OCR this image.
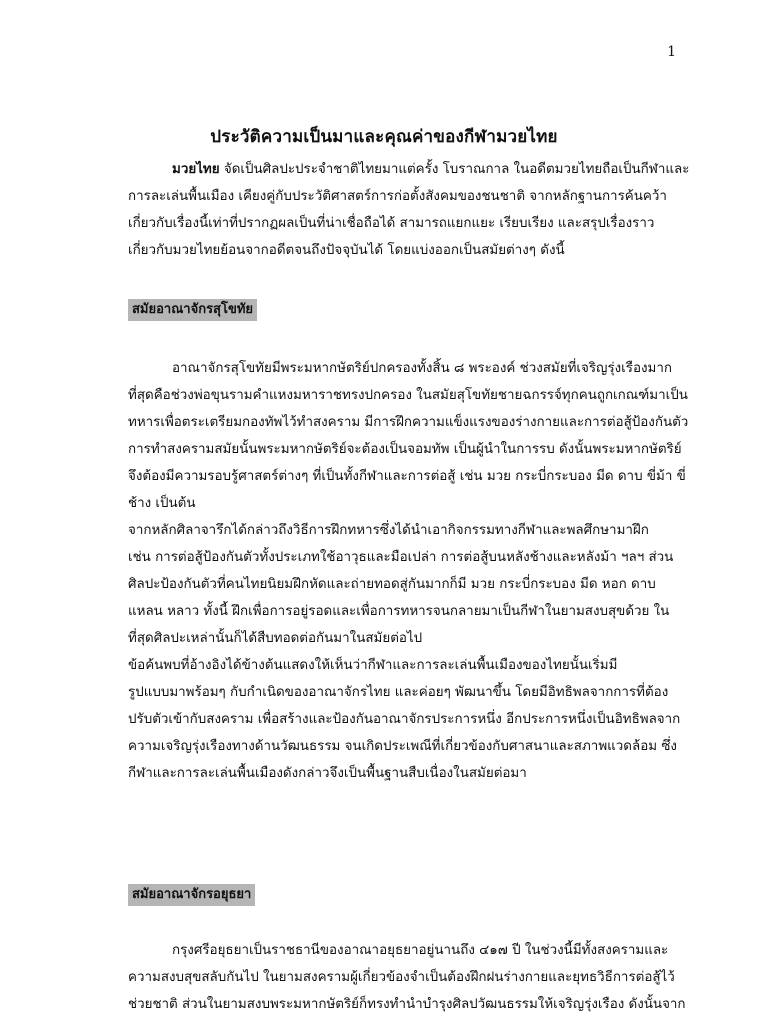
1
ประวัติความเป็นมาและคุณค่าของกีฬามวยไทย
มวยไทย จัดเป็นศิลปะประจำชาติไทยมาแต่ครั้ง โบราณกาล ในอดีตมวยไทยถือเป็นกีฬาและ
การละเล่นพื้นเมือง เคียงคู่กับประวัติศาสตร์การก่อตั้งสังคมของชนชาติ จากหลักฐานการค้นคว้า
เกี่ยวกับเรื่องนี้เท่าที่ปรากฏผลเป็นที่น่าเชื่อถือได้ สามารถแยกแยะ เรียบเรียง และสรุปเรื่องราว
เกี่ยวกับมวยไทยย้อนจากอดีตจนถึงปัจจุบันได้ โดยแบ่งออกเป็นสมัยต่างๆ ดังนี้
สมัยอาณาจักรสุโขทัย
อาณาจักรสุโขทัยมีพระมหากษัตริย์ปกครองทั้งสิ้น ๘ พระองค์ ช่วงสมัยที่เจริญรุ่งเรืองมาก
ที่สุดคือช่วงพ่อขุนรามคำแหงมหาราชทรงปกครอง ในสมัยสุโขทัยชายฉกรรจ์ทุกคนถูกเกณฑ์มาเป็น
ทหารเพื่อตระเตรียมกองทัพไว้ทำสงคราม มีการฝึกความแข็งแรงของร่างกายและการต่อสู้ป้องกันตัว
การทำสงครามสมัยนั้นพระมหากษัตริย์จะต้องเป็นจอมทัพ เป็นผู้นำในการรบ ดังนั้นพระมหากษัตริย์
จึงต้องมีความรอบรู้ศาสตร์ต่างๆ ที่เป็นทั้งกีฬาและการต่อสู้ เช่น มวย กระบี่กระบอง มีด ดาบ ขี่ม้า ขี่
ช้าง เป็นต้น
จากหลักศิลาจารึกได้กล่าวถึงวิธีการฝึกทหารซึ่งได้นำเอากิจกรรมทางกีฬาและพลศึกษามาฝึก
เช่น การต่อสู้ป้องกันตัวทั้งประเภทใช้อาวุธและมือเปล่า การต่อสู้บนหลังช้างและหลังม้า ฯลฯ ส่วน
ศิลปะป้องกันตัวที่คนไทยนิยมฝึกหัดและถ่ายทอดสู่กันมากก็มี มวย กระบี่กระบอง มีด หอก ดาบ
แหลน หลาว ทั้งนี้ ฝึกเพื่อการอยู่รอดและเพื่อการทหารจนกลายมาเป็นกีฬาในยามสงบสุขด้วย ใน
ที่สุดศิลปะเหล่านั้นก็ได้สืบทอดต่อกันมาในสมัยต่อไป
ข้อค้นพบที่อ้างอิงได้ข้างต้นแสดงให้เห็นว่ากีฬาและการละเล่นพื้นเมืองของไทยนั้นเริ่มมี
รูปแบบมาพร้อมๆ กับกำเนิดของอาณาจักรไทย และค่อยๆ พัฒนาขึ้น โดยมีอิทธิพลจากการที่ต้อง
ปรับตัวเข้ากับสงคราม เพื่อสร้างและป้องกันอาณาจักรประการหนึ่ง อีกประการหนึ่งเป็นอิทธิพลจาก
ความเจริญรุ่งเรืองทางด้านวัฒนธรรม จนเกิดประเพณีที่เกี่ยวข้องกับศาสนาและสภาพแวดล้อม ซึ่ง
กีฬาและการละเล่นพื้นเมืองดังกล่าวจึงเป็นพื้นฐานสืบเนื่องในสมัยต่อมา
สมัยอาณาจักรอยุธยา
กรุงศรีอยุธยาเป็นราชธานีของอาณาอยุธยาอยู่นานถึง ๔๑๗ ปี ในช่วงนี้มีทั้งสงครามและ
ความสงบสุขสลับกันไป ในยามสงครามผู้เกี่ยวข้องจำเป็นต้องฝึกฝนร่างกายและยุทธวิธีการต่อสู้ไว้
ช่วยชาติ ส่วนในยามสงบพระมหากษัตริย์ก็ทรงทำนำบำรุงศิลปวัฒนธรรมให้เจริญรุ่งเรือง ดังนั้นจาก
